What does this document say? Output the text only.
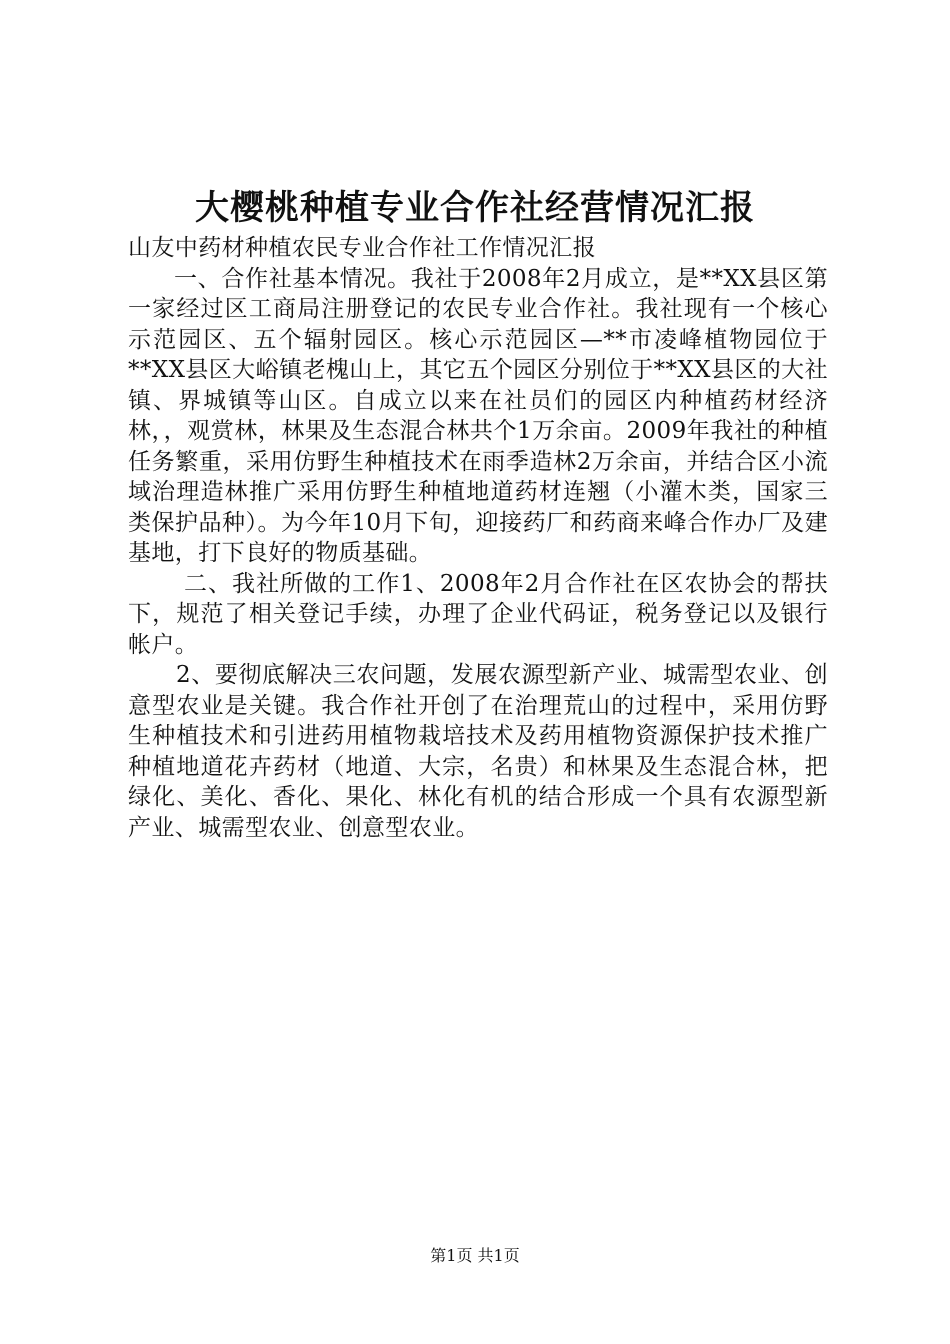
大樱桃种植专业合作社经营情况汇报

山友中药材种植农民专业合作社工作情况汇报

一、合作社基本情况。我社于2008年2月成立，是**XX县区第一家经过区工商局注册登记的农民专业合作社。我社现有一个核心示范园区、五个辐射园区。核心示范园区—**市凌峰植物园位于**XX县区大峪镇老槐山上，其它五个园区分别位于**XX县区的大社镇、界城镇等山区。自成立以来在社员们的园区内种植药材经济林，，观赏林，林果及生态混合林共个1万余亩。2009年我社的种植任务繁重，采用仿野生种植技术在雨季造林2万余亩，并结合区小流域治理造林推广采用仿野生种植地道药材连翘（小灌木类，国家三类保护品种）。为今年10月下旬，迎接药厂和药商来峰合作办厂及建基地，打下良好的物质基础。

二、我社所做的工作1、2008年2月合作社在区农协会的帮扶下，规范了相关登记手续，办理了企业代码证，税务登记以及银行帐户。

2、要彻底解决三农问题，发展农源型新产业、城需型农业、创意型农业是关键。我合作社开创了在治理荒山的过程中，采用仿野生种植技术和引进药用植物栽培技术及药用植物资源保护技术推广种植地道花卉药材（地道、大宗，名贵）和林果及生态混合林，把绿化、美化、香化、果化、林化有机的结合形成一个具有农源型新产业、城需型农业、创意型农业。

第1页 共1页
